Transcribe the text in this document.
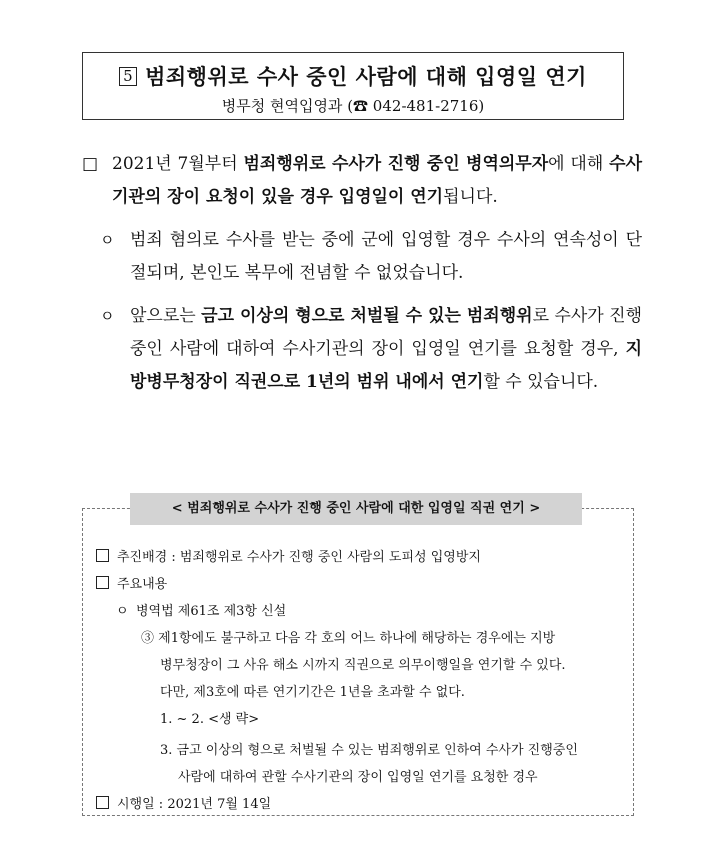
5 범죄행위로 수사 중인 사람에 대해 입영일 연기
병무청 현역입영과 (☎ 042-481-2716)
□ 2021년 7월부터 범죄행위로 수사가 진행 중인 병역의무자에 대해 수사기관의 장이 요청이 있을 경우 입영일이 연기됩니다.
ㅇ 범죄 혐의로 수사를 받는 중에 군에 입영할 경우 수사의 연속성이 단절되며, 본인도 복무에 전념할 수 없었습니다.
ㅇ 앞으로는 금고 이상의 형으로 처벌될 수 있는 범죄행위로 수사가 진행 중인 사람에 대하여 수사기관의 장이 입영일 연기를 요청할 경우, 지방병무청장이 직권으로 1년의 범위 내에서 연기할 수 있습니다.
< 범죄행위로 수사가 진행 중인 사람에 대한 입영일 직권 연기 >
추진배경 : 범죄행위로 수사가 진행 중인 사람의 도피성 입영방지
주요내용
ㅇ 병역법 제61조 제3항 신설
③ 제1항에도 불구하고 다음 각 호의 어느 하나에 해당하는 경우에는 지방
병무청장이 그 사유 해소 시까지 직권으로 의무이행일을 연기할 수 있다.
다만, 제3호에 따른 연기기간은 1년을 초과할 수 없다.
1. ~ 2. <생 략>
3. 금고 이상의 형으로 처벌될 수 있는 범죄행위로 인하여 수사가 진행중인
사람에 대하여 관할 수사기관의 장이 입영일 연기를 요청한 경우
시행일 : 2021년 7월 14일
